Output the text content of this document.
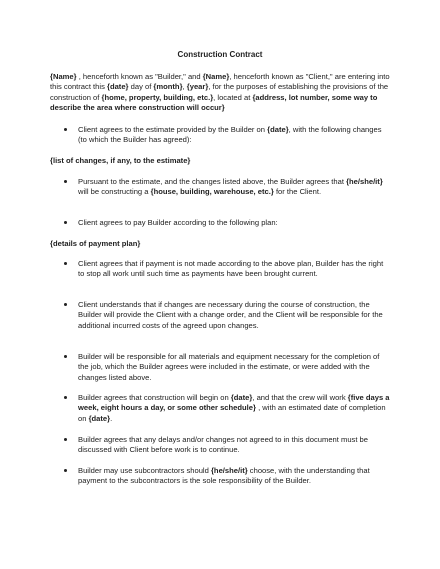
Construction Contract
{Name} , henceforth known as "Builder," and {Name}, henceforth known as "Client," are entering into this contract this {date} day of {month}, {year}, for the purposes of establishing the provisions of the construction of {home, property, building, etc.}, located at {address, lot number, some way to describe the area where construction will occur}
Client agrees to the estimate provided by the Builder on {date}, with the following changes (to which the Builder has agreed):
{list of changes, if any, to the estimate}
Pursuant to the estimate, and the changes listed above, the Builder agrees that {he/she/it} will be constructing a {house, building, warehouse, etc.} for the Client.
Client agrees to pay Builder according to the following plan:
{details of payment plan}
Client agrees that if payment is not made according to the above plan, Builder has the right to stop all work until such time as payments have been brought current.
Client understands that if changes are necessary during the course of construction, the Builder will provide the Client with a change order, and the Client will be responsible for the additional incurred costs of the agreed upon changes.
Builder will be responsible for all materials and equipment necessary for the completion of the job, which the Builder agrees were included in the estimate, or were added with the changes listed above.
Builder agrees that construction will begin on {date}, and that the crew will work {five days a week, eight hours a day, or some other schedule} , with an estimated date of completion on {date}.
Builder agrees that any delays and/or changes not agreed to in this document must be discussed with Client before work is to continue.
Builder may use subcontractors should {he/she/it} choose, with the understanding that payment to the subcontractors is the sole responsibility of the Builder.
